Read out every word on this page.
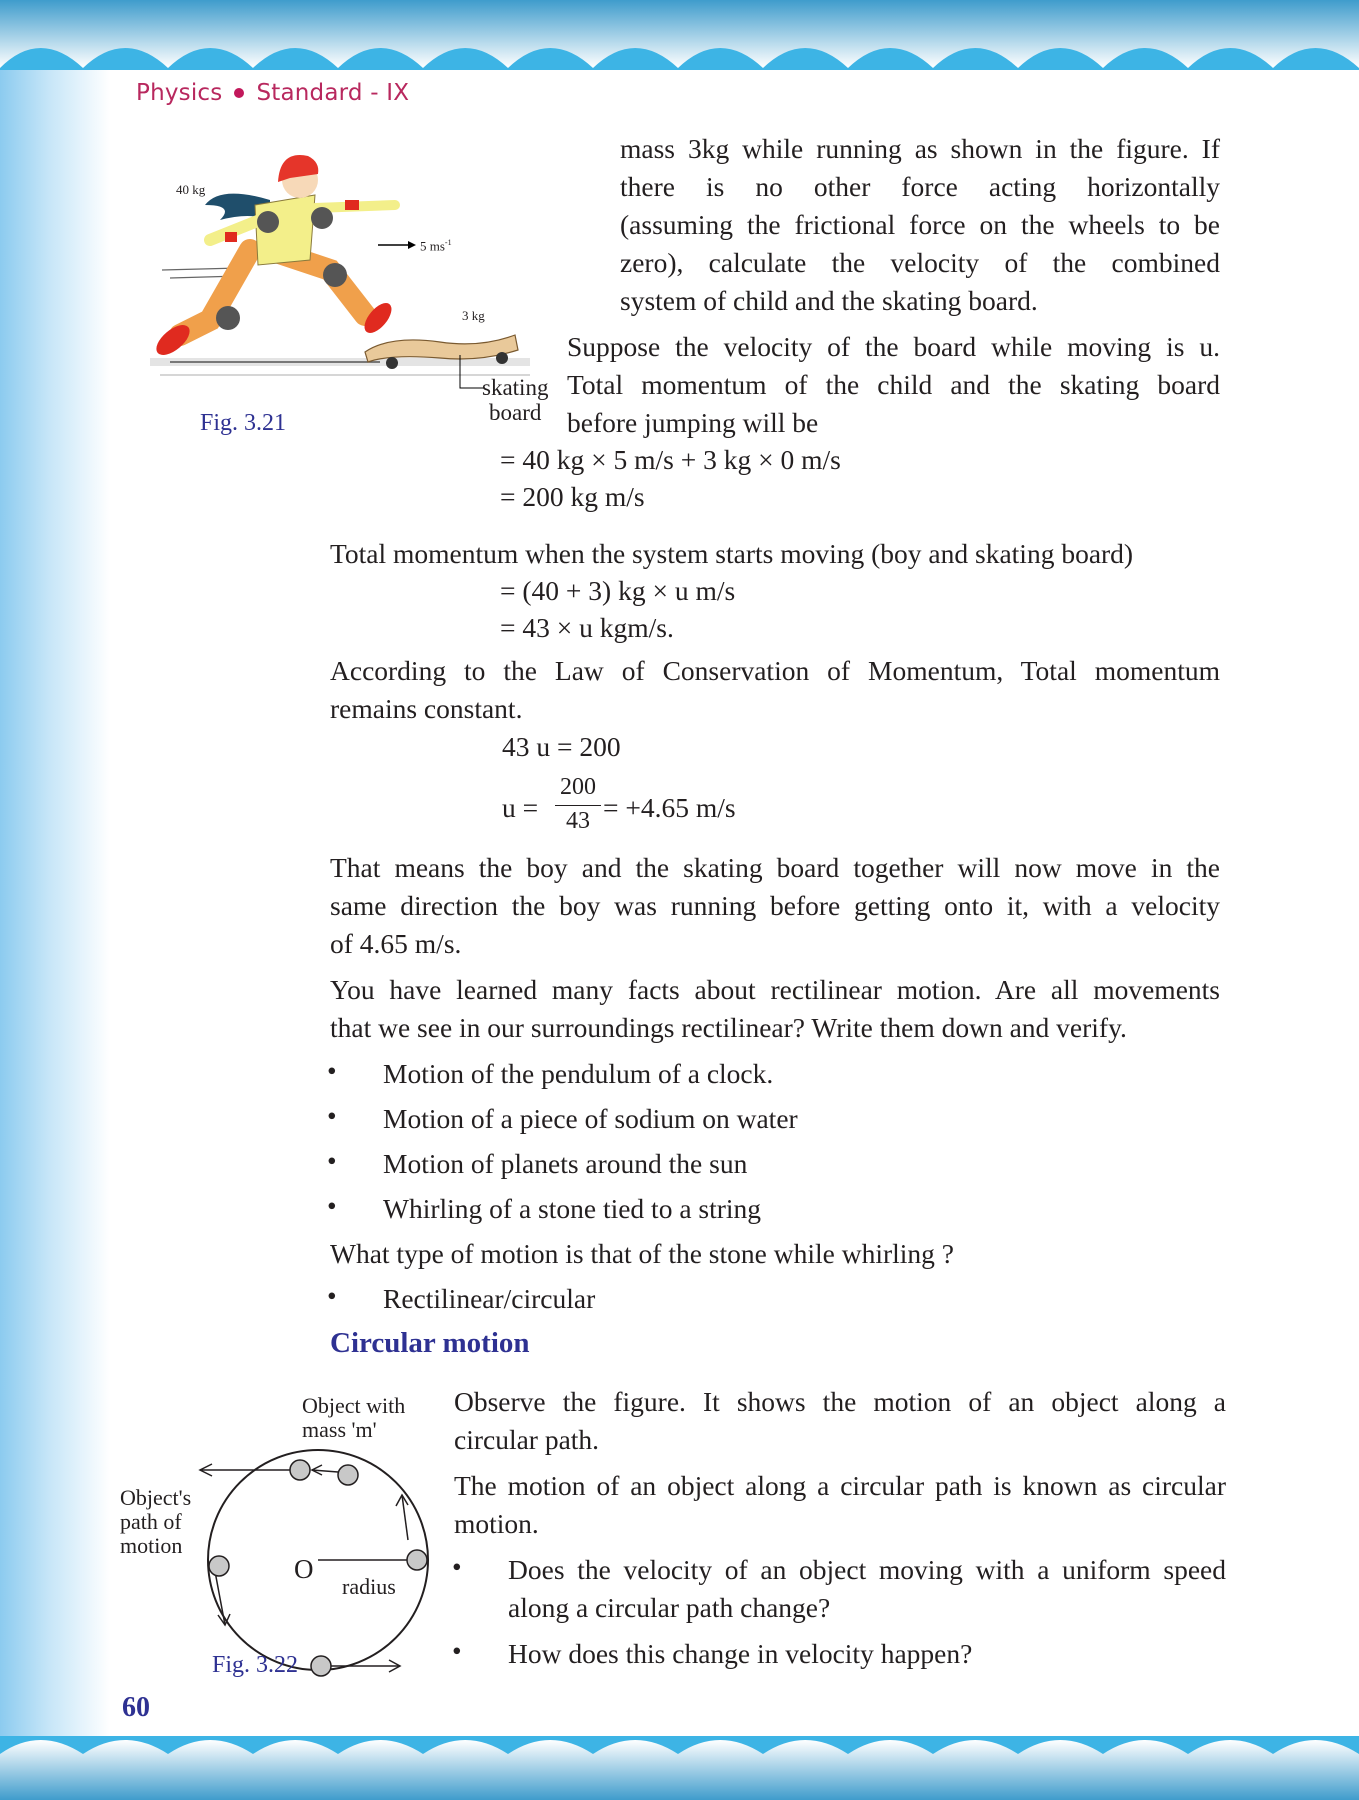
Physics Standard - IX
40 kg
5 $ms^{-1}$
3 kg
skating
board
Fig. 3.21
mass 3kg while running as shown in the figure. If
there is no other force acting horizontally
(assuming the frictional force on the wheels to be
zero), calculate the velocity of the combined
system of child and the skating board.
Suppose the velocity of the board while moving is u.
Total momentum of the child and the skating board
before jumping will be
= 40 kg × 5 m/s + 3 kg × 0 m/s
= 200 kg m/s
Total momentum when the system starts moving (boy and skating board)
= (40 + 3) kg × u m/s
= 43 × u kgm/s.
According to the Law of Conservation of Momentum, Total momentum
remains constant.
43 u = 200
u =
200
43 = +4.65 m/s
That means the boy and the skating board together will now move in the
same direction the boy was running before getting onto it, with a velocity
of 4.65 m/s.
You have learned many facts about rectilinear motion. Are all movements
that we see in our surroundings rectilinear? Write them down and verify.
• Motion of the pendulum of a clock.
• Motion of a piece of sodium on water
• Motion of planets around the sun
• Whirling of a stone tied to a string
What type of motion is that of the stone while whirling ?
• Rectilinear/circular
Circular motion
Object with
mass 'm'
Object's
path of
motion
O
radius
Fig. 3.22
Observe the figure. It shows the motion of an object along a
circular path.
The motion of an object along a circular path is known as circular
motion.
• Does the velocity of an object moving with a uniform speed
along a circular path change?
• How does this change in velocity happen?
60
